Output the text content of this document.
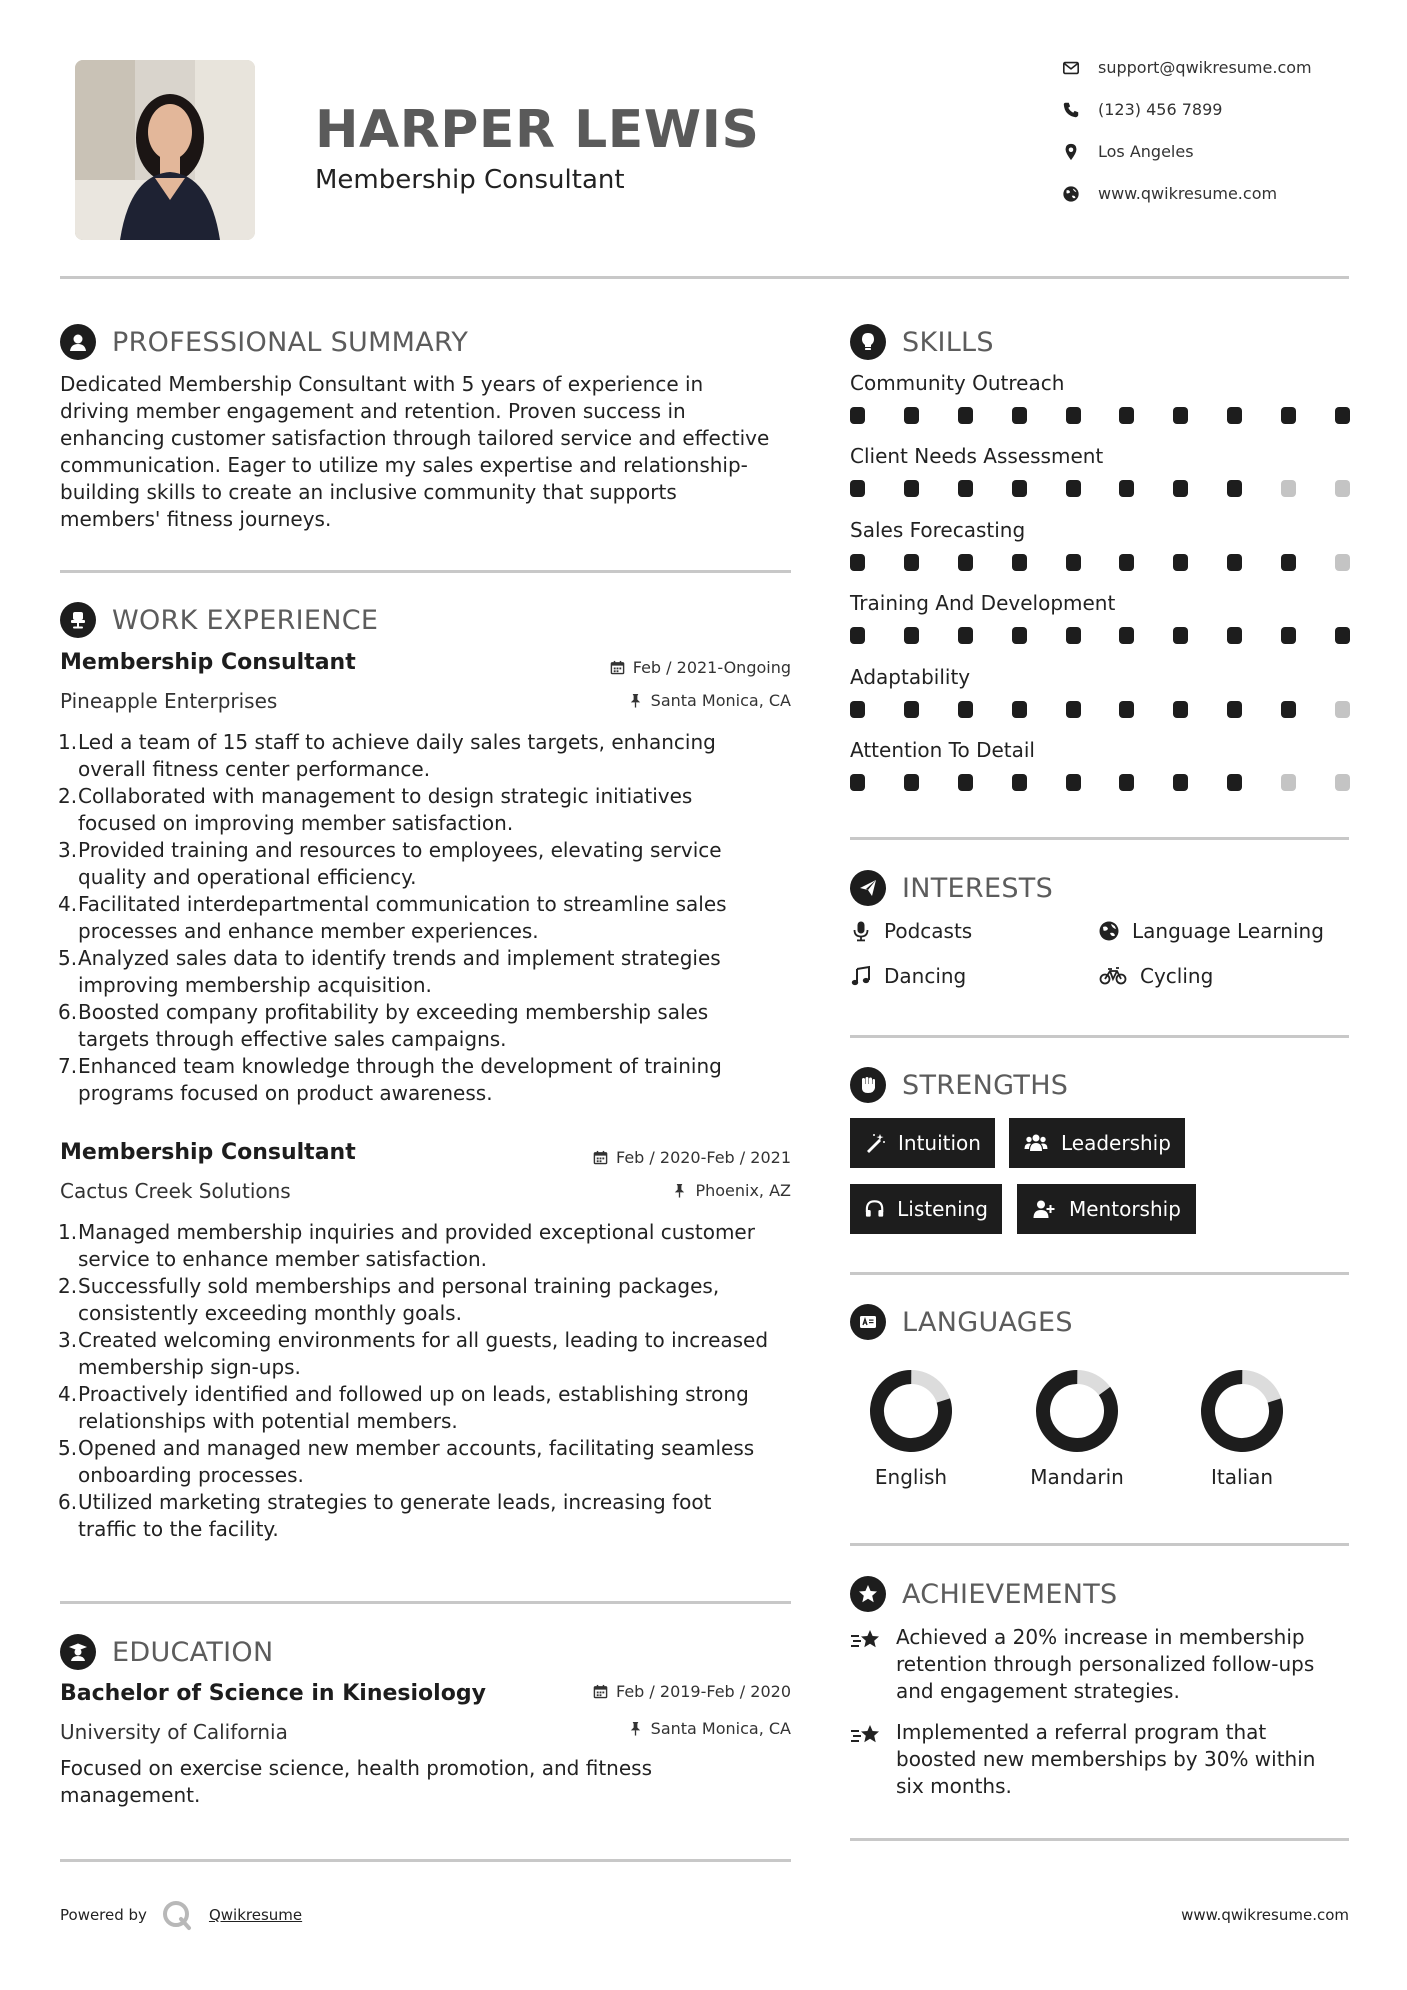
HARPER LEWIS
Membership Consultant
support@qwikresume.com
(123) 456 7899
Los Angeles
www.qwikresume.com
PROFESSIONAL SUMMARY
Dedicated Membership Consultant with 5 years of experience in
driving member engagement and retention. Proven success in
enhancing customer satisfaction through tailored service and effective
communication. Eager to utilize my sales expertise and relationship-
building skills to create an inclusive community that supports
members' fitness journeys.
WORK EXPERIENCE
Membership Consultant	Feb / 2021-Ongoing
Pineapple Enterprises	Santa Monica, CA
1. Led a team of 15 staff to achieve daily sales targets, enhancing
overall fitness center performance.
2. Collaborated with management to design strategic initiatives
focused on improving member satisfaction.
3. Provided training and resources to employees, elevating service
quality and operational efficiency.
4. Facilitated interdepartmental communication to streamline sales
processes and enhance member experiences.
5. Analyzed sales data to identify trends and implement strategies
improving membership acquisition.
6. Boosted company profitability by exceeding membership sales
targets through effective sales campaigns.
7. Enhanced team knowledge through the development of training
programs focused on product awareness.
Membership Consultant	Feb / 2020-Feb / 2021
Cactus Creek Solutions	Phoenix, AZ
1. Managed membership inquiries and provided exceptional customer
service to enhance member satisfaction.
2. Successfully sold memberships and personal training packages,
consistently exceeding monthly goals.
3. Created welcoming environments for all guests, leading to increased
membership sign-ups.
4. Proactively identified and followed up on leads, establishing strong
relationships with potential members.
5. Opened and managed new member accounts, facilitating seamless
onboarding processes.
6. Utilized marketing strategies to generate leads, increasing foot
traffic to the facility.
EDUCATION
Bachelor of Science in Kinesiology	Feb / 2019-Feb / 2020
University of California	Santa Monica, CA
Focused on exercise science, health promotion, and fitness
management.
SKILLS
Community Outreach
Client Needs Assessment
Sales Forecasting
Training And Development
Adaptability
Attention To Detail
INTERESTS
Podcasts	Language Learning
Dancing	Cycling
STRENGTHS
Intuition	Leadership
Listening	Mentorship
LANGUAGES
English	Mandarin	Italian
ACHIEVEMENTS
Achieved a 20% increase in membership
retention through personalized follow-ups
and engagement strategies.
Implemented a referral program that
boosted new memberships by 30% within
six months.
Powered by	Qwikresume	www.qwikresume.com
